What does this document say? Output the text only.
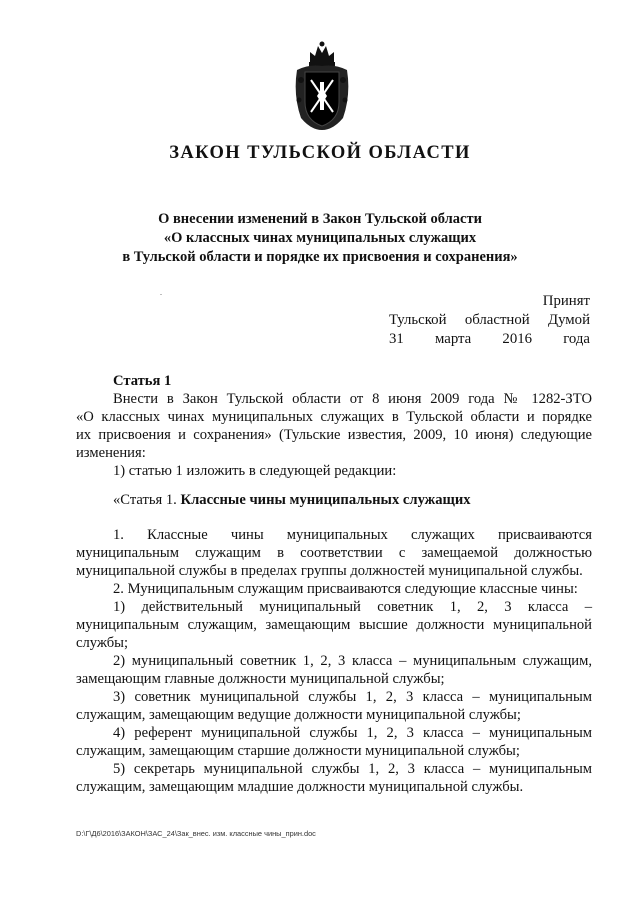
ЗАКОН ТУЛЬСКОЙ ОБЛАСТИ
О внесении изменений в Закон Тульской области
«О классных чинах муниципальных служащих
в Тульской области и порядке их присвоения и сохранения»
.
Принят
Тульской областной Думой
31 марта 2016 года

Статья 1

Внести в Закон Тульской области от 8 июня 2009 года № 1282-ЗТО

«О классных чинах муниципальных служащих в Тульской области и порядке

их присвоения и сохранения» (Тульские известия, 2009, 10 июня) следующие

изменения:

1) статью 1 изложить в следующей редакции:

«Статья 1. Классные чины муниципальных служащих

1. Классные чины муниципальных служащих присваиваются муниципальным служащим в соответствии с замещаемой должностью муниципальной службы в пределах группы должностей муниципальной службы.

2. Муниципальным служащим присваиваются следующие классные чины:

1) действительный муниципальный советник 1, 2, 3 класса – муниципальным служащим, замещающим высшие должности муниципальной службы;

2) муниципальный советник 1, 2, 3 класса – муниципальным служащим, замещающим главные должности муниципальной службы;

3) советник муниципальной службы 1, 2, 3 класса – муниципальным служащим, замещающим ведущие должности муниципальной службы;

4) референт муниципальной службы 1, 2, 3 класса – муниципальным служащим, замещающим старшие должности муниципальной службы;

5) секретарь муниципальной службы 1, 2, 3 класса – муниципальным служащим, замещающим младшие должности муниципальной службы.

D:\Г\Д6\2016\ЗАКОН\ЗАС_24\Зак_внес. изм. классные чины_прин.doc
